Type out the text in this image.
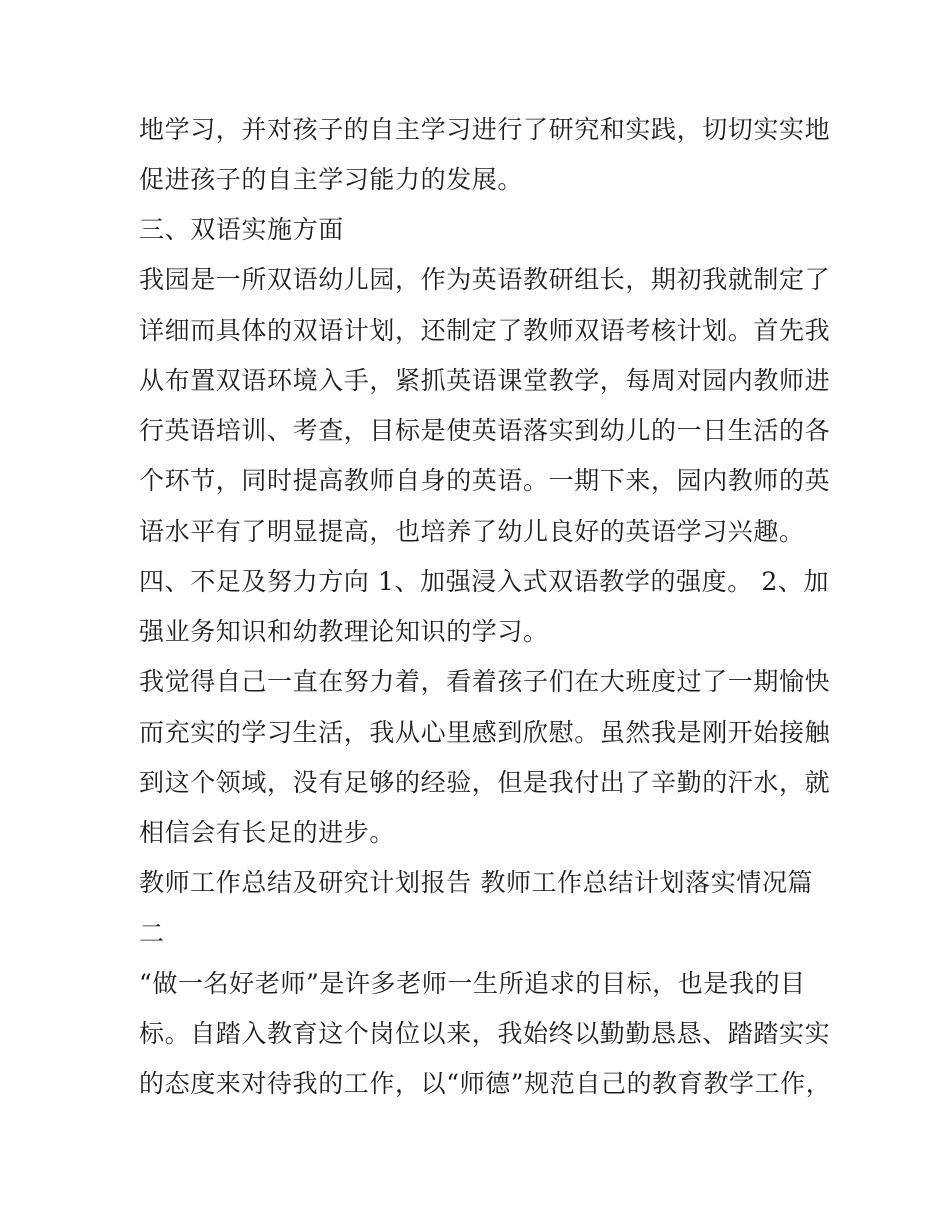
地学习，并对孩子的自主学习进行了研究和实践，切切实实地
促进孩子的自主学习能力的发展。
三、双语实施方面
我园是一所双语幼儿园，作为英语教研组长，期初我就制定了
详细而具体的双语计划，还制定了教师双语考核计划。首先我
从布置双语环境入手，紧抓英语课堂教学，每周对园内教师进
行英语培训、考查，目标是使英语落实到幼儿的一日生活的各
个环节，同时提高教师自身的英语。一期下来，园内教师的英
语水平有了明显提高，也培养了幼儿良好的英语学习兴趣。
四、不足及努力方向 1、加强浸入式双语教学的强度。 2、加
强业务知识和幼教理论知识的学习。
我觉得自己一直在努力着，看着孩子们在大班度过了一期愉快
而充实的学习生活，我从心里感到欣慰。虽然我是刚开始接触
到这个领域，没有足够的经验，但是我付出了辛勤的汗水，就
相信会有长足的进步。
教师工作总结及研究计划报告 教师工作总结计划落实情况篇
二
“做一名好老师”是许多老师一生所追求的目标，也是我的目
标。自踏入教育这个岗位以来，我始终以勤勤恳恳、踏踏实实
的态度来对待我的工作，以“师德”规范自己的教育教学工作，
